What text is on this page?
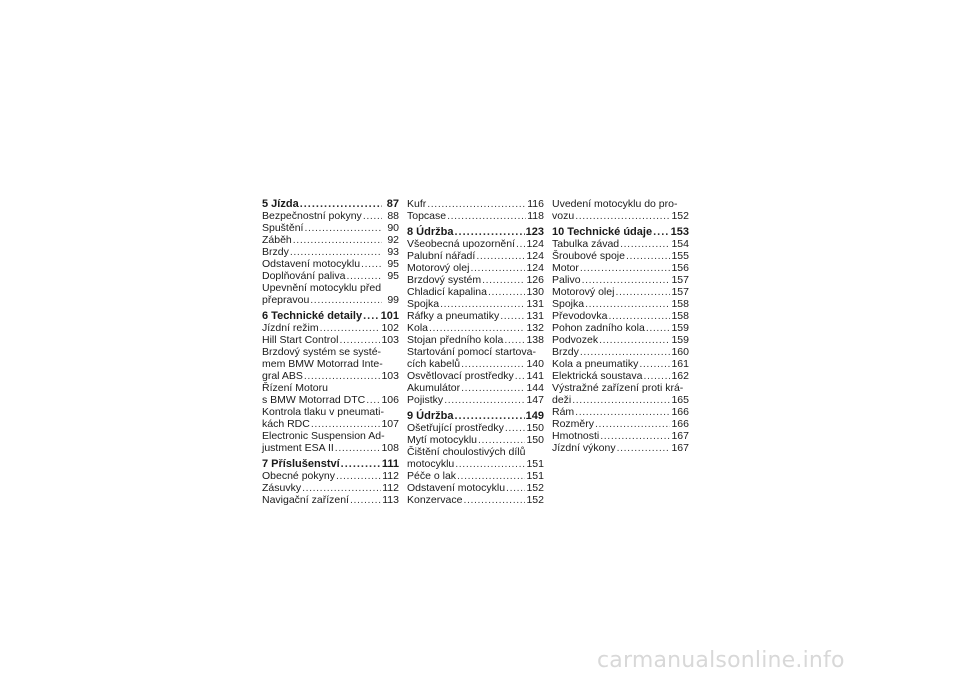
5 Jízda .....	87
Bezpečnostní pokyny .....	88
Spuštění .....	90
Záběh .....	92
Brzdy .....	93
Odstavení motocyklu .....	95
Doplňování paliva .....	95
Upevnění motocyklu před
přepravou .....	99
6 Technické detaily ..... 101
Jízdní režim .....	102
Hill Start Control .....	103
Brzdový systém se systé-
mem BMW Motorrad Inte-
gral ABS .....	103
Řízení Motoru
s BMW Motorrad DTC ..... 106
Kontrola tlaku v pneumati-
kách RDC .....	107
Electronic Suspension Ad-
justment ESA II .....	108
7 Příslušenství .....	111
Obecné pokyny .....	112
Zásuvky .....	112
Navigační zařízení .....	113
Kufr .....	116
Topcase .....	118
8 Údržba .....	123
Všeobecná upozornění ..... 124
Palubní nářadí .....	124
Motorový olej .....	124
Brzdový systém .....	126
Chladicí kapalina .....	130
Spojka .....	131
Ráfky a pneumatiky .....	131
Kola .....	132
Stojan předního kola ..... 138
Startování pomocí startova-
cích kabelů .....	140
Osvětlovací prostředky ..... 141
Akumulátor .....	144
Pojistky .....	147
9 Údržba .....	149
Ošetřující prostředky ..... 150
Mytí motocyklu .....	150
Čištění choulostivých dílů
motocyklu .....	151
Péče o lak .....	151
Odstavení motocyklu ..... 152
Konzervace .....	152
Uvedení motocyklu do pro-
vozu .....	152
10 Technické údaje ..... 153
Tabulka závad .....	154
Šroubové spoje .....	155
Motor .....	156
Palivo .....	157
Motorový olej .....	157
Spojka .....	158
Převodovka .....	158
Pohon zadního kola .....	159
Podvozek .....	159
Brzdy .....	160
Kola a pneumatiky .....	161
Elektrická soustava .....	162
Výstražné zařízení proti krá-
deži .....	165
Rám .....	166
Rozměry .....	166
Hmotnosti .....	167
Jízdní výkony .....	167
carmanualsonline.info
